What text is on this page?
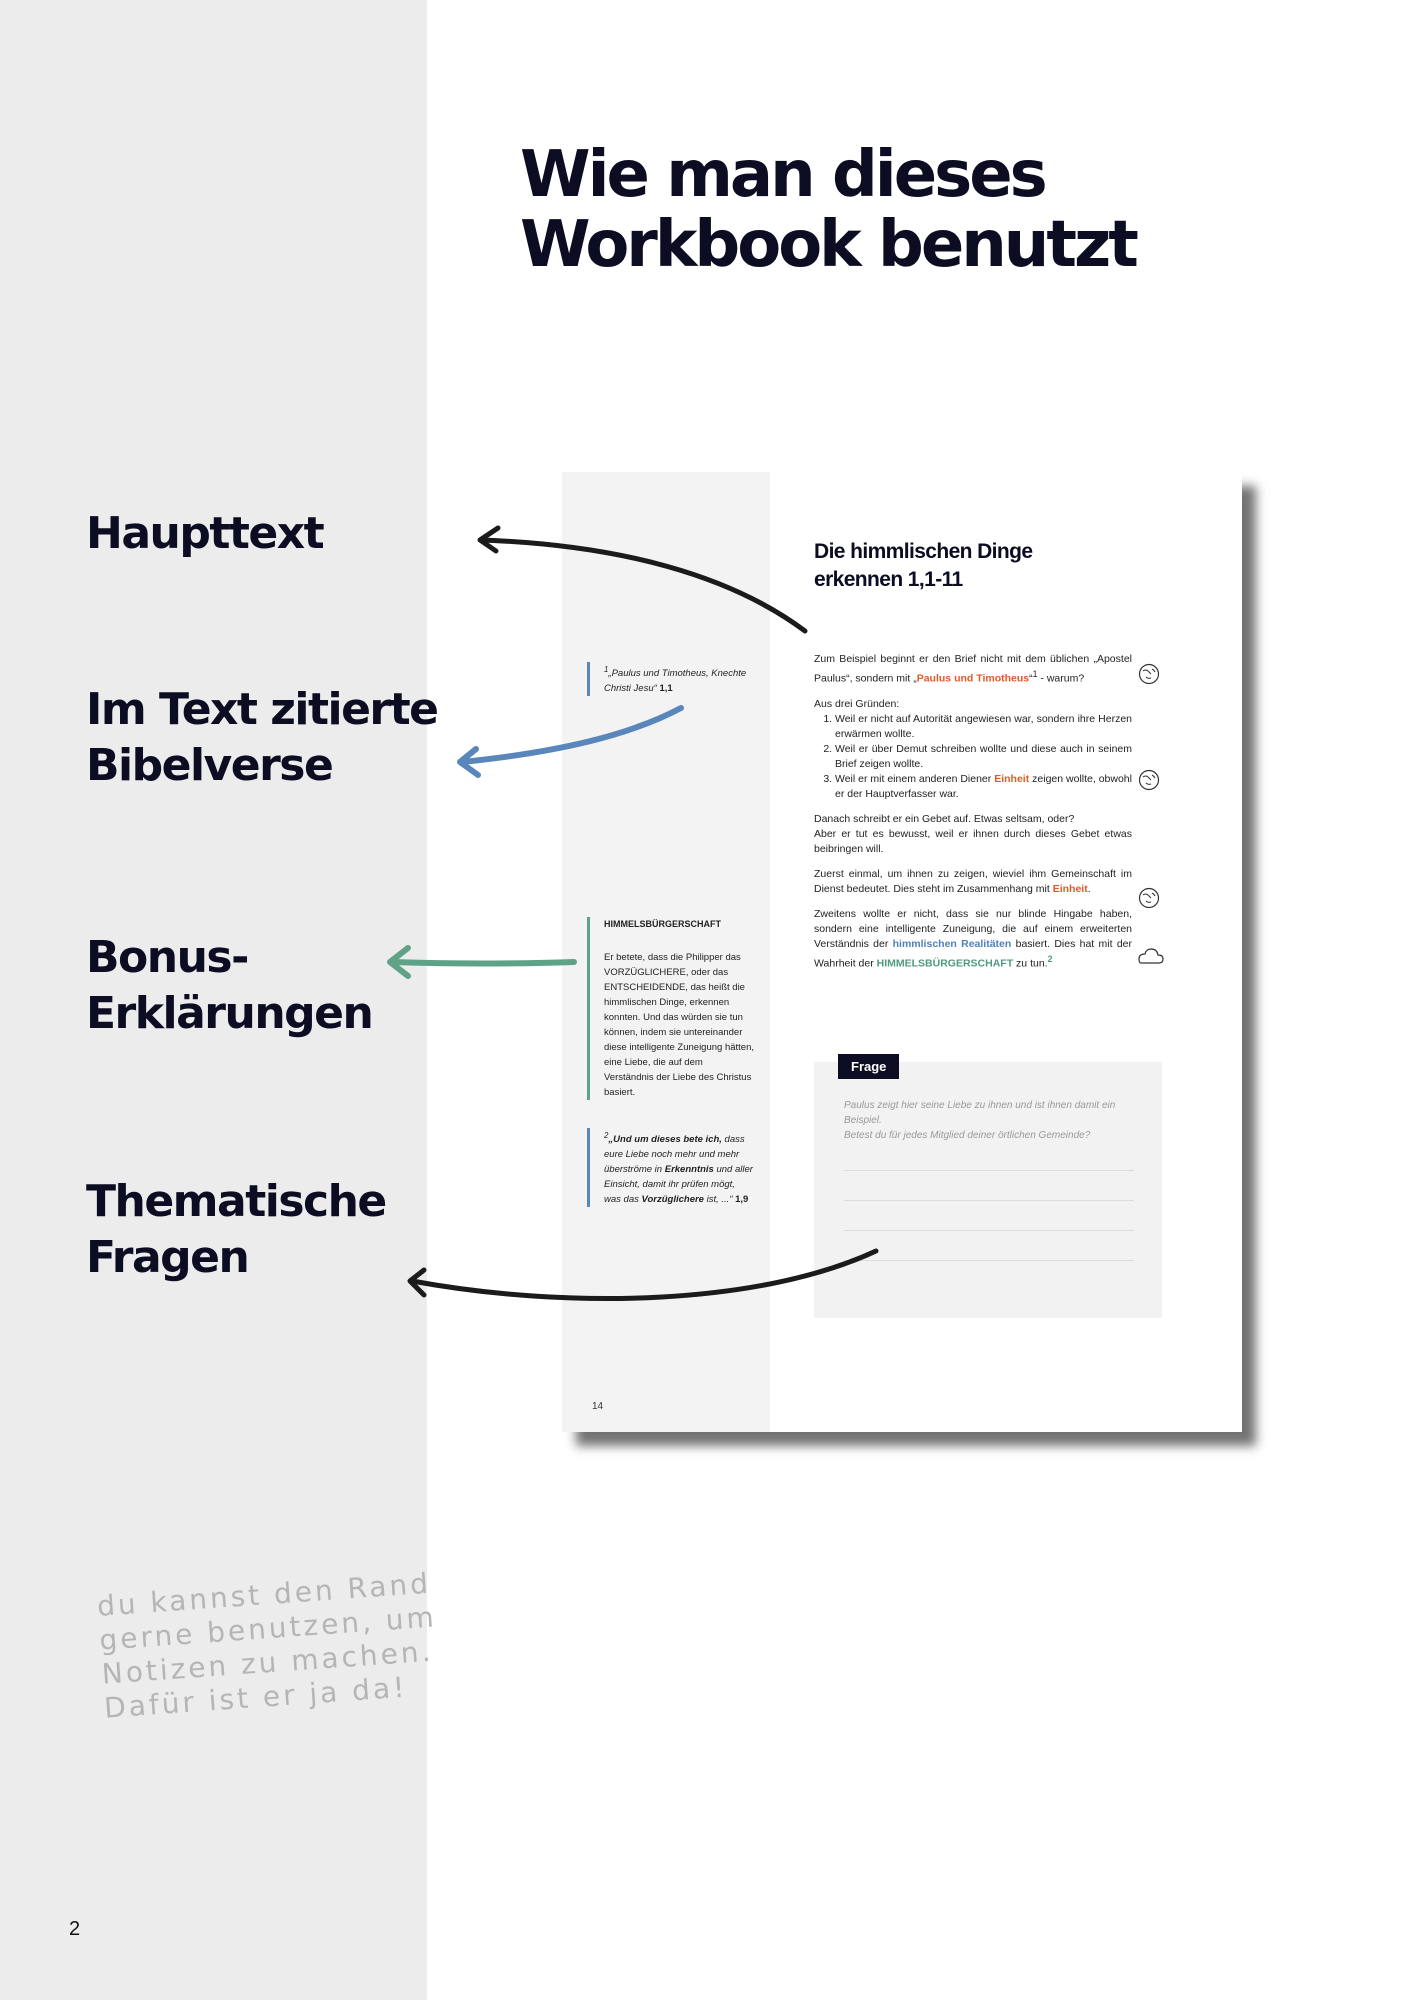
Wie man dieses
Workbook benutzt
Haupttext
Im Text zitierte
Bibelverse
Bonus-
Erklärungen
Thematische
Fragen

du kannst den Rand
gerne benutzen, um
Notizen zu machen.
Dafür ist er ja da!

2
$^1$„Paulus und Timotheus, Knechte Christi Jesu“ 1,1
HIMMELSBÜRGERSCHAFT
Er betete, dass die Philipper das VORZÜGLICHERE, oder das ENTSCHEIDENDE, das heißt die himmlischen Dinge, erkennen konnten. Und das würden sie tun können, indem sie untereinander diese intelligente Zuneigung hätten, eine Liebe, die auf dem Verständnis der Liebe des Christus basiert.
$^2$„Und um dieses bete ich, dass eure Liebe noch mehr und mehr überströme in Erkenntnis und aller Einsicht, damit ihr prüfen mögt, was das Vorzüglichere ist, ...“ 1,9
Die himmlischen Dinge
erkennen 1,1-11

Zum Beispiel beginnt er den Brief nicht mit dem üblichen „Apostel Paulus“, sondern mit „Paulus und Timotheus“$^1$ - warum?

Aus drei Gründen:
1. Weil er nicht auf Autorität angewiesen war, sondern ihre Herzen erwärmen wollte.
2. Weil er über Demut schreiben wollte und diese auch in seinem Brief zeigen wollte.
3. Weil er mit einem anderen Diener Einheit zeigen wollte, obwohl er der Hauptverfasser war.

Danach schreibt er ein Gebet auf. Etwas seltsam, oder?
Aber er tut es bewusst, weil er ihnen durch dieses Gebet etwas beibringen will.

Zuerst einmal, um ihnen zu zeigen, wieviel ihm Gemeinschaft im Dienst bedeutet. Dies steht im Zusammenhang mit Einheit.

Zweitens wollte er nicht, dass sie nur blinde Hingabe haben, sondern eine intelligente Zuneigung, die auf einem erweiterten Verständnis der himmlischen Realitäten basiert. Dies hat mit der Wahrheit der HIMMELSBÜRGERSCHAFT zu tun.$^2$

Frage
Paulus zeigt hier seine Liebe zu ihnen und ist ihnen damit ein Beispiel.
Betest du für jedes Mitglied deiner örtlichen Gemeinde?
14
